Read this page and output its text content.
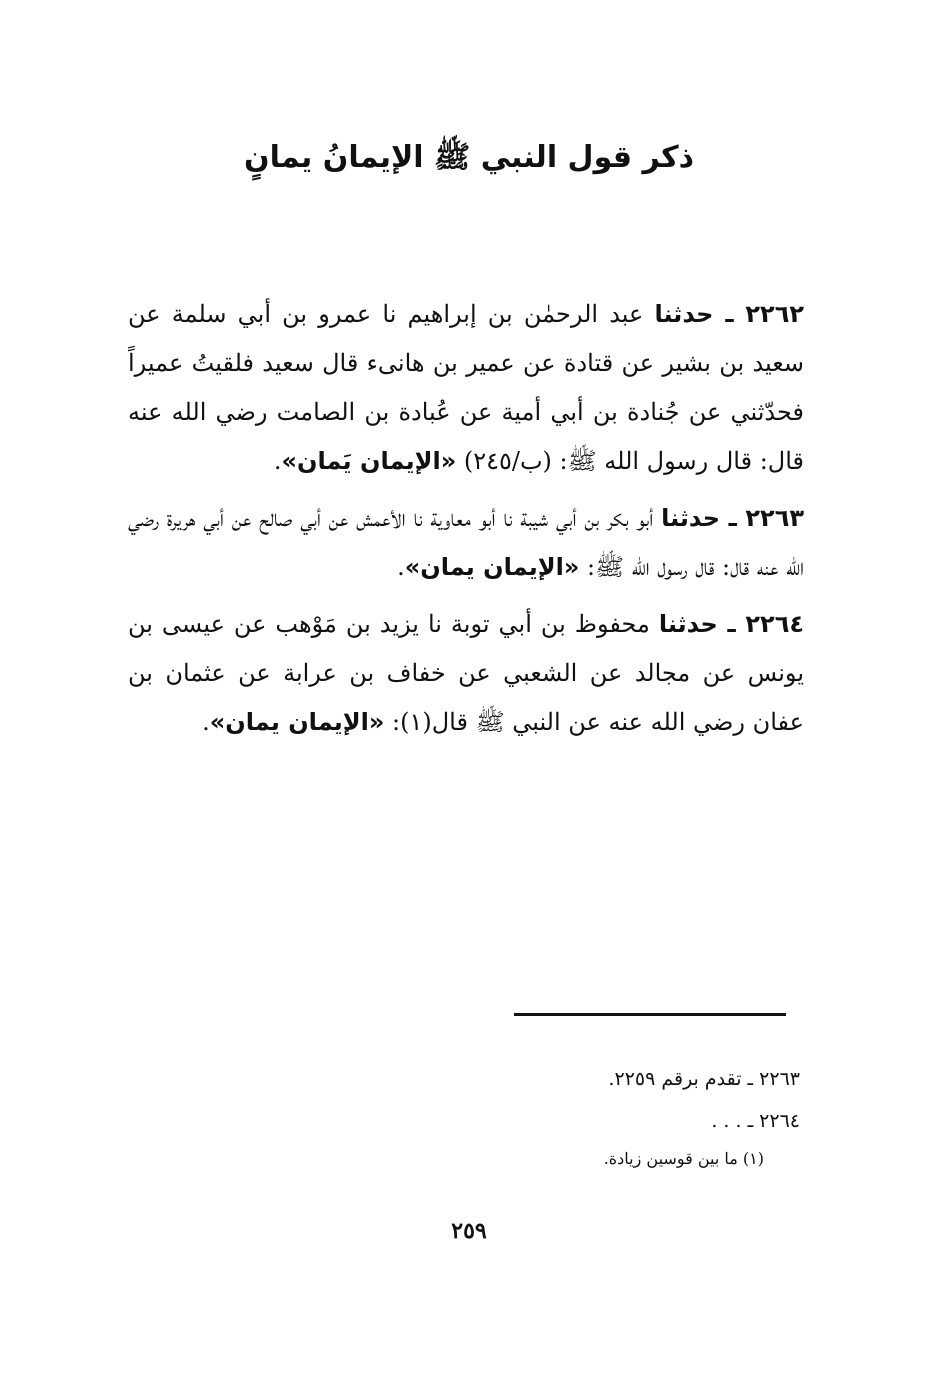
ذكر قول النبي ﷺ الإيمانُ يمانٍ

٢٢٦٢ ـ حدثنا عبد الرحمٰن بن إبراهيم نا عمرو بن أبي سلمة عن سعيد بن بشير عن قتادة عن عمير بن هانىء قال سعيد فلقيتُ عميراً فحدّثني عن جُنادة بن أبي أمية عن عُبادة بن الصامت رضي الله عنه قال: قال رسول الله ﷺ: (ب/٢٤٥) «الإيمان يَمان».

٢٢٦٣ ـ حدثنا أبو بكر بن أبي شيبة نا أبو معاوية نا الأعمش عن أبي صالح عن أبي هريرة رضي الله عنه قال: قال رسول الله ﷺ: «الإيمان يمان».

٢٢٦٤ ـ حدثنا محفوظ بن أبي توبة نا يزيد بن مَوْهب عن عيسى بن يونس عن مجالد عن الشعبي عن خفاف بن عرابة عن عثمان بن عفان رضي الله عنه عن النبي ﷺ قال(١): «الإيمان يمان».

٢٢٦٣ ـ تقدم برقم ٢٢٥٩.

٢٢٦٤ ـ . . .

(١) ما بين قوسين زيادة.

٢٥٩
